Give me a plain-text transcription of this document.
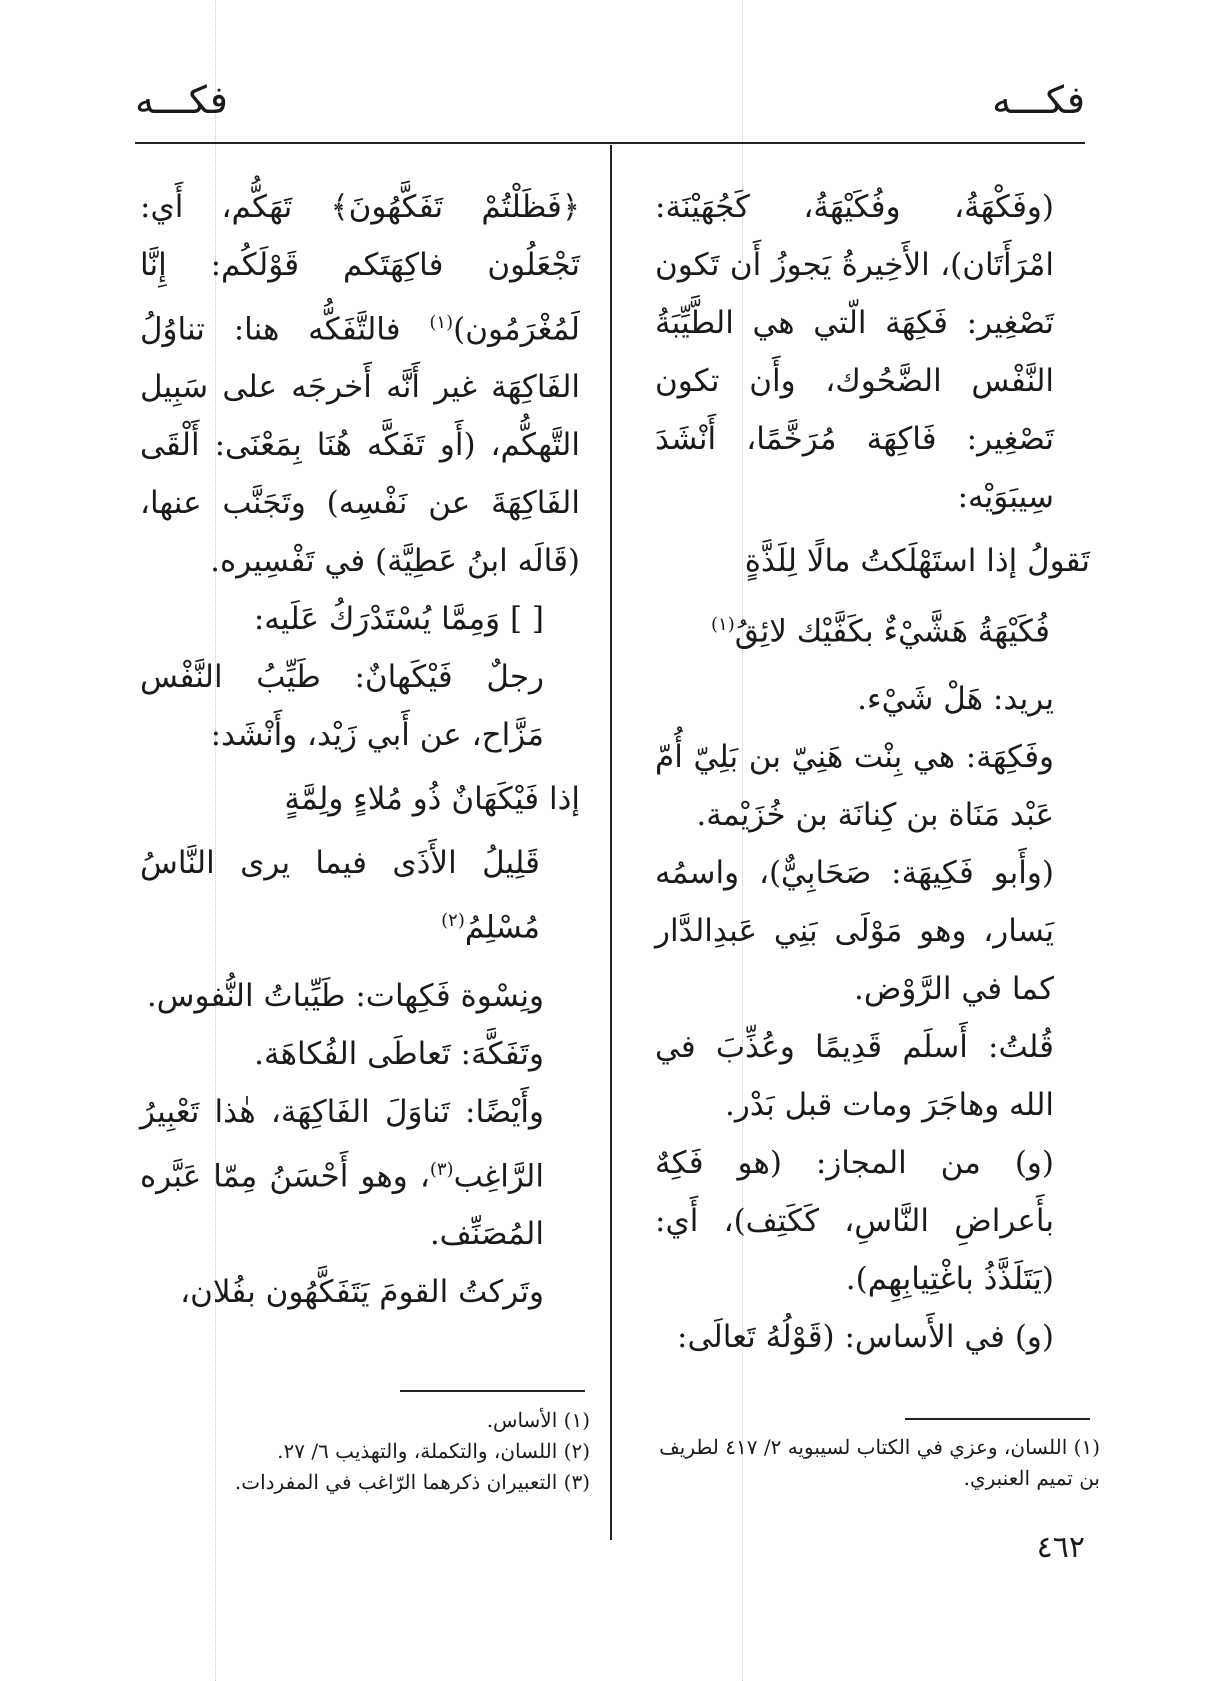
فكـــه	فكـــه

(وفَكْهَةُ، وفُكَيْهَةُ، كَجُهَيْنَة: امْرَأَتَان)، الأَخِيرةُ يَجوزُ أَن تَكون تَصْغِير: فَكِهَة الّتي هي الطَّيِّبَةُ النَّفْس الضَّحُوك، وأَن تكون تَصْغِير: فَاكِهَة مُرَخَّمًا، أَنْشَدَ سِيبَوَيْه:

تَقولُ إذا استَهْلَكتُ مالًا لِلَذَّةٍ

فُكَيْهَةُ هَشَّيْءٌ بكَفَّيْك لائِقُ$^{(١)}$

يريد: هَلْ شَيْء.

وفَكِهَة: هي بِنْت هَنِيّ بن بَلِيّ أُمّ عَبْد مَنَاة بن كِنانَة بن خُزَيْمة.

(وأَبو فَكِيهَة: صَحَابِيٌّ)، واسمُه يَسار، وهو مَوْلَى بَنِي عَبدِالدَّار كما في الرَّوْض.

قُلتُ: أَسلَم قَدِيمًا وعُذِّبَ في الله وهاجَرَ ومات قبل بَدْر.

(و) من المجاز: (هو فَكِهٌ بأَعراضِ النَّاسِ، كَكَتِف)، أَي: (يَتَلَذَّذُ باغْتِيابِهِم).

(و) في الأَساس: (قَوْلُهُ تَعالَى:

﴿فَظَلْتُمْ تَفَكَّهُونَ﴾ تَهَكُّم، أَي: تَجْعَلُون فاكِهَتَكم قَوْلَكُم: إِنَّا لَمُغْرَمُون)$^{(١)}$ فالتَّفَكُّه هنا: تناوُلُ الفَاكِهَة غير أَنَّه أَخرجَه على سَبِيل التَّهكُّم، (أَو تَفَكَّه هُنَا بِمَعْنَى: أَلْقَى الفَاكِهَةَ عن نَفْسِه) وتَجَنَّب عنها، (قَالَه ابنُ عَطِيَّة) في تَفْسِيره.

[ ] وَمِمَّا يُسْتَدْرَكُ عَلَيه:

رجلٌ فَيْكَهانٌ: طَيِّبُ النَّفْس مَزَّاح، عن أَبي زَيْد، وأَنْشَد:

إذا فَيْكَهَانٌ ذُو مُلاءٍ ولِمَّةٍ

قَلِيلُ الأَذَى فيما يرى النَّاسُ مُسْلِمُ$^{(٢)}$

ونِسْوة فَكِهات: طَيِّباتُ النُّفوس.

وتَفَكَّهَ: تَعاطَى الفُكاهَة.

وأَيْضًا: تَناوَلَ الفَاكِهَة، هٰذا تَعْبِيرُ الرَّاغِب$^{(٣)}$، وهو أَحْسَنُ مِمّا عَبَّره المُصَنِّف.

وتَركتُ القومَ يَتَفَكَّهُون بفُلان،

(١) اللسان، وعزي في الكتاب لسيبويه ٢/ ٤١٧ لطريف بن تميم العنبري.

(١) الأساس.

(٢) اللسان، والتكملة، والتهذيب ٦/ ٢٧.

(٣) التعبيران ذكرهما الرّاغب في المفردات.

٤٦٢
